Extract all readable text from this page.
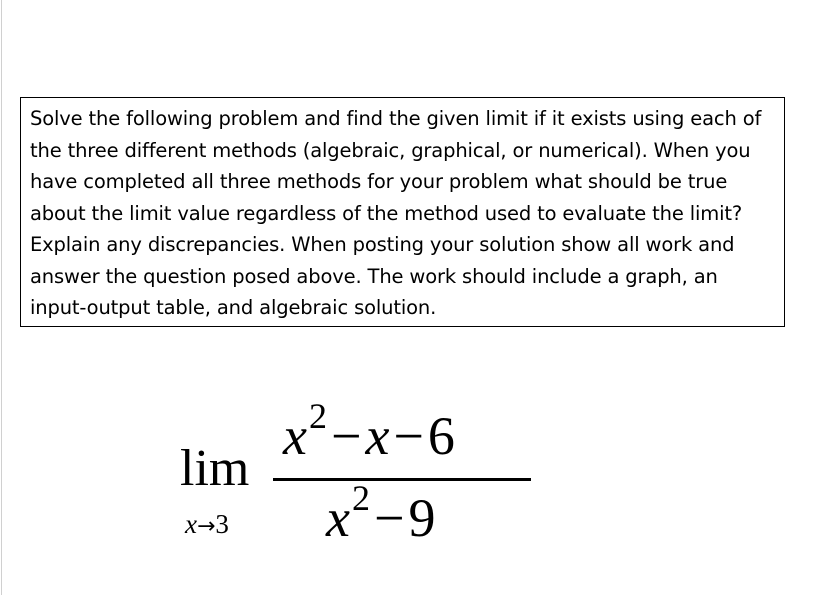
Solve the following problem and find the given limit if it exists using each of
the three different methods (algebraic, graphical, or numerical). When you
have completed all three methods for your problem what should be true
about the limit value regardless of the method used to evaluate the limit?
Explain any discrepancies. When posting your solution show all work and
answer the question posed above. The work should include a graph, an
input-output table, and algebraic solution.
lim
x→3
$x^2-x-6$
$x^2-9$
